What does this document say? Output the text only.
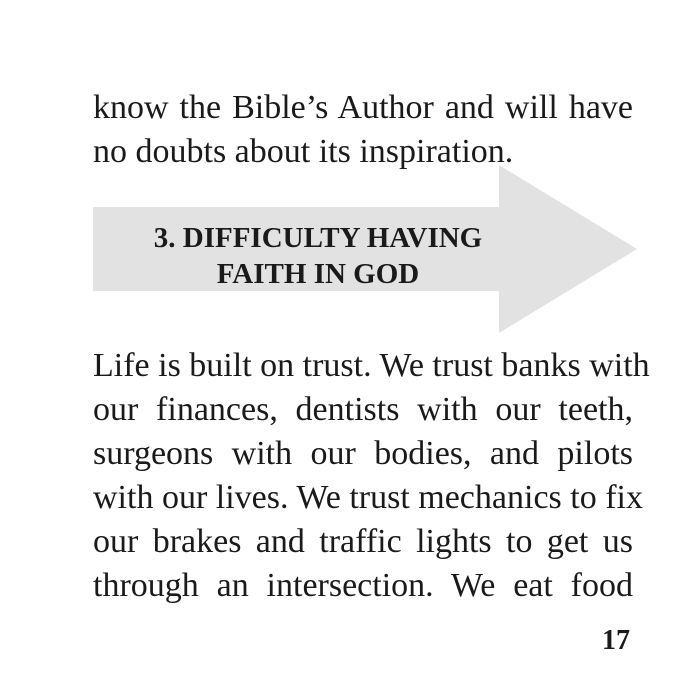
know the Bible’s Author and will have
no doubts about its inspiration.
3. DIFFICULTY HAVING
FAITH IN GOD
Life is built on trust. We trust banks with
our finances, dentists with our teeth,
surgeons with our bodies, and pilots
with our lives. We trust mechanics to fix
our brakes and traffic lights to get us
through an intersection. We eat food
17
